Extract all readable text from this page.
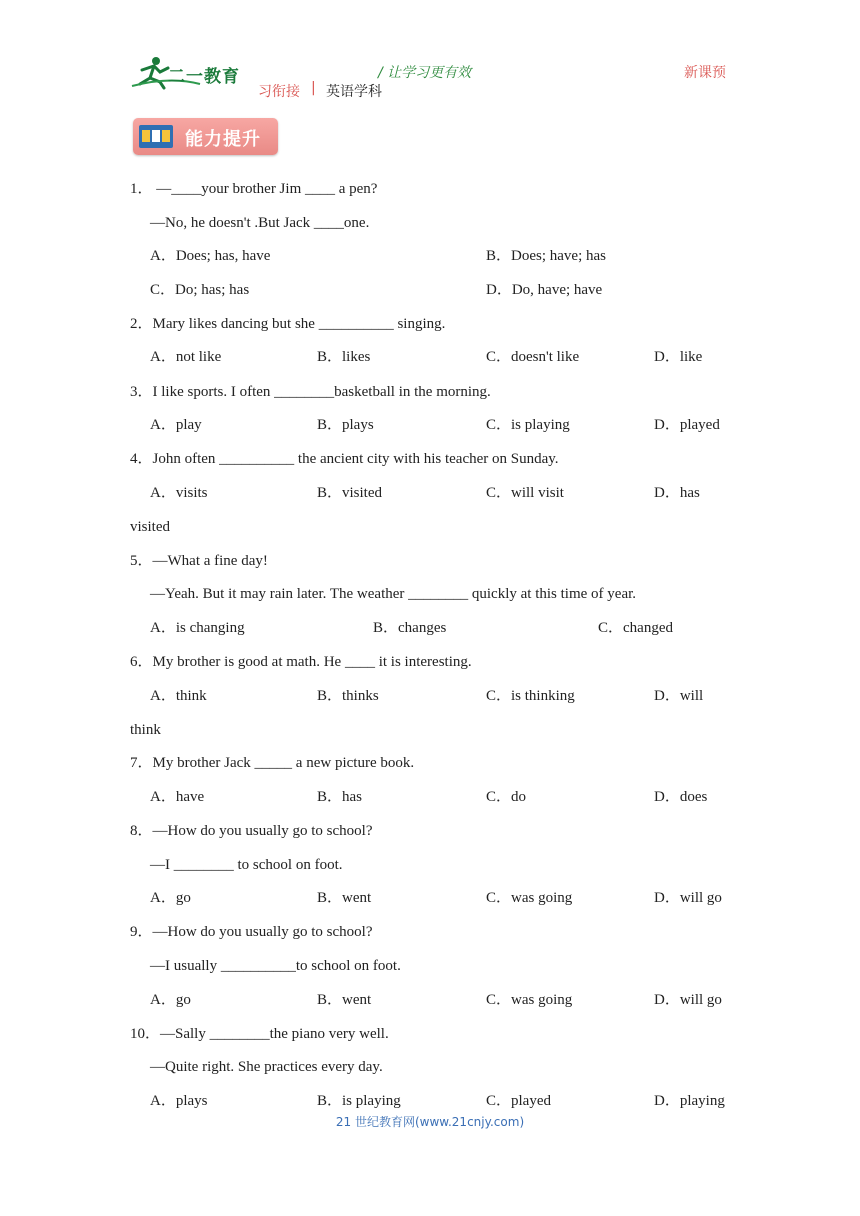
二一教育	/ 让学习更有效	新课预
习衔接 | 英语学科
能力提升
1． —____your brother Jim ____ a pen?
—No, he doesn't .But Jack ____one.
A．Does; has, have	B．Does; have; has
C．Do; has; has	D．Do, have; have
2．Mary likes dancing but she __________ singing.
A．not like	B．likes	C．doesn't like	D．like
3．I like sports. I often ________basketball in the morning.
A．play	B．plays	C．is playing	D．played
4．John often __________ the ancient city with his teacher on Sunday.
A．visits	B．visited	C．will visit	D．has
visited
5．—What a fine day!
—Yeah. But it may rain later. The weather ________ quickly at this time of year.
A．is changing	B．changes	C．changed
6．My brother is good at math. He ____ it is interesting.
A．think	B．thinks	C．is thinking	D．will
think
7．My brother Jack _____ a new picture book.
A．have	B．has	C．do	D．does
8．—How do you usually go to school?
—I ________ to school on foot.
A．go	B．went	C．was going	D．will go
9．—How do you usually go to school?
—I usually __________to school on foot.
A．go	B．went	C．was going	D．will go
10．—Sally ________the piano very well.
—Quite right. She practices every day.
A．plays	B．is playing	C．played	D．playing
21 世纪教育网(www.21cnjy.com)
